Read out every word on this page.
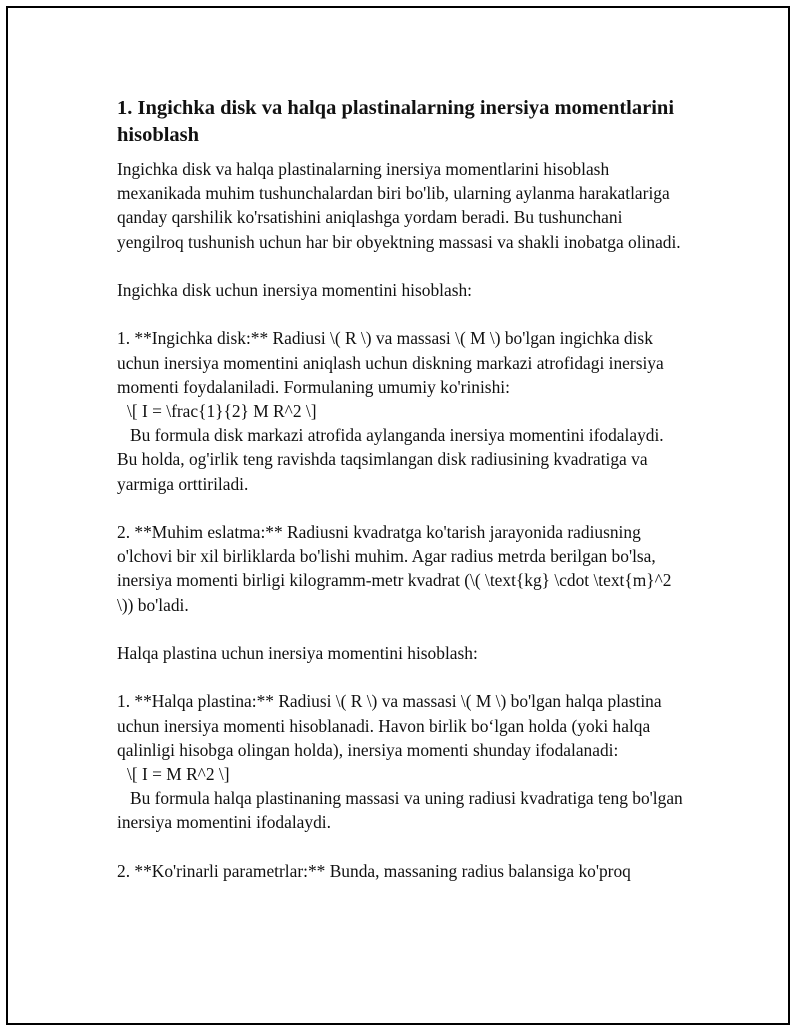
1. Ingichka disk va halqa plastinalarning inersiya momentlarini hisoblash

Ingichka disk va halqa plastinalarning inersiya momentlarini hisoblash mexanikada muhim tushunchalardan biri bo'lib, ularning aylanma harakatlariga qanday qarshilik ko'rsatishini aniqlashga yordam beradi. Bu tushunchani yengilroq tushunish uchun har bir obyektning massasi va shakli inobatga olinadi.

Ingichka disk uchun inersiya momentini hisoblash:

1. **Ingichka disk:** Radiusi \( R \) va massasi \( M \) bo'lgan ingichka disk uchun inersiya momentini aniqlash uchun diskning markazi atrofidagi inersiya momenti foydalaniladi. Formulaning umumiy ko'rinishi:

\[ I = \frac{1}{2} M R^2 \]

Bu formula disk markazi atrofida aylanganda inersiya momentini ifodalaydi. Bu holda, og'irlik teng ravishda taqsimlangan disk radiusining kvadratiga va yarmiga orttiriladi.

2. **Muhim eslatma:** Radiusni kvadratga ko'tarish jarayonida radiusning o'lchovi bir xil birliklarda bo'lishi muhim. Agar radius metrda berilgan bo'lsa, inersiya momenti birligi kilogramm-metr kvadrat (\( \text{kg} \cdot \text{m}^2 \)) bo'ladi.

Halqa plastina uchun inersiya momentini hisoblash:

1. **Halqa plastina:** Radiusi \( R \) va massasi \( M \) bo'lgan halqa plastina uchun inersiya momenti hisoblanadi. Havon birlik bo‘lgan holda (yoki halqa qalinligi hisobga olingan holda), inersiya momenti shunday ifodalanadi:

\[ I = M R^2 \]

Bu formula halqa plastinaning massasi va uning radiusi kvadratiga teng bo'lgan inersiya momentini ifodalaydi.

2. **Ko'rinarli parametrlar:** Bunda, massaning radius balansiga ko'proq
